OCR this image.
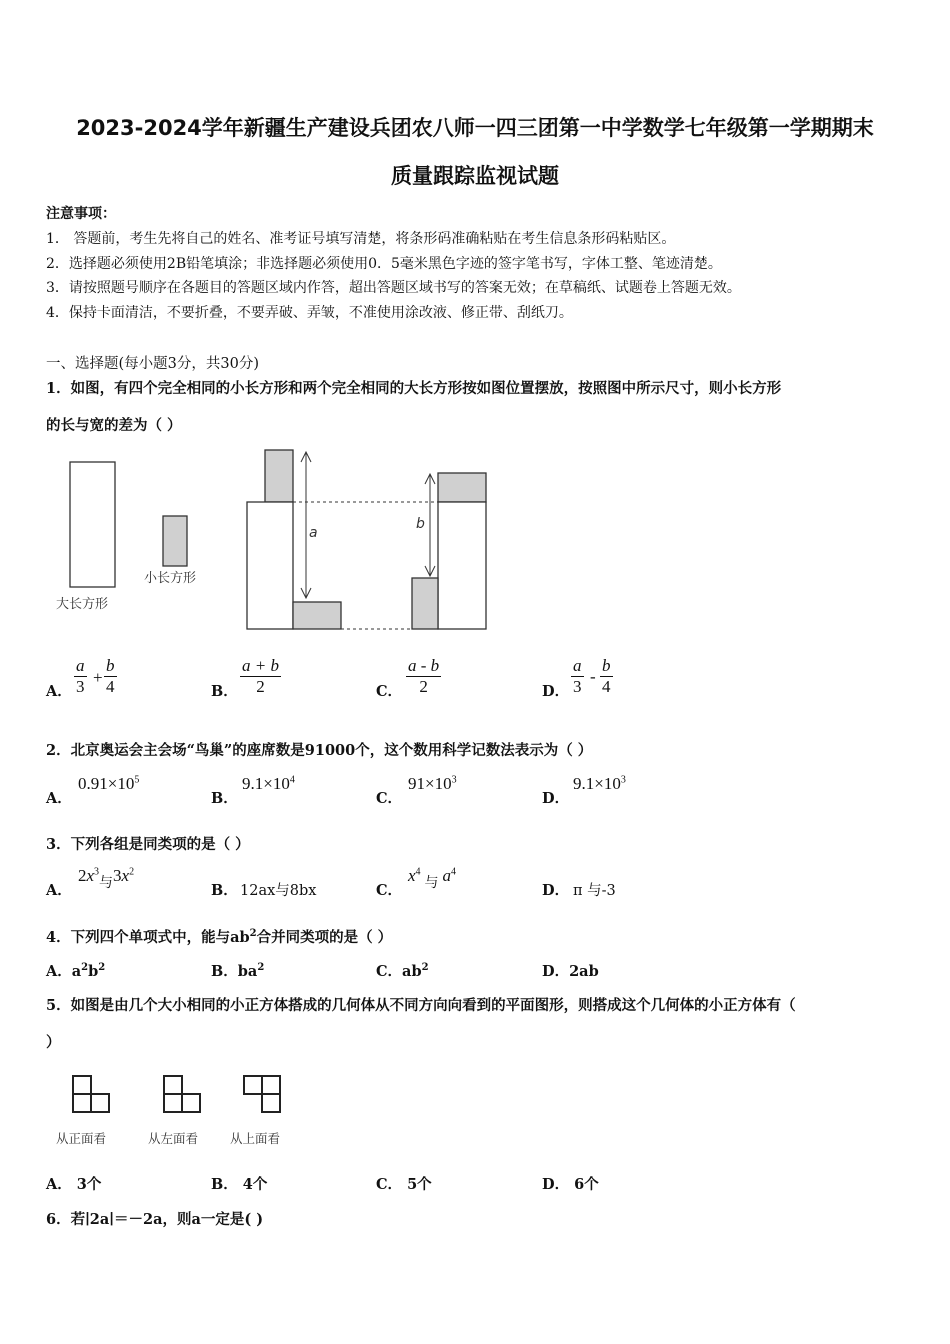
2023-2024学年新疆生产建设兵团农八师一四三团第一中学数学七年级第一学期期末
质量跟踪监视试题
注意事项：
1． 答题前，考生先将自己的姓名、准考证号填写清楚，将条形码准确粘贴在考生信息条形码粘贴区。
2．选择题必须使用2B铅笔填涂；非选择题必须使用0．5毫米黑色字迹的签字笔书写，字体工整、笔迹清楚。
3．请按照题号顺序在各题目的答题区域内作答，超出答题区域书写的答案无效；在草稿纸、试题卷上答题无效。
4．保持卡面清洁，不要折叠，不要弄破、弄皱，不准使用涂改液、修正带、刮纸刀。
一、选择题(每小题3分，共30分)
1．如图，有四个完全相同的小长方形和两个完全相同的大长方形按如图位置摆放，按照图中所示尺寸，则小长方形
的长与宽的差为（ ）
大长方形
小长方形
a
b
A． $\frac{a}{3} + \frac{b}{4}$	B． $\frac{a + b}{2}$	C． $\frac{a - b}{2}$	D． $\frac{a}{3} - \frac{b}{4}$
2．北京奥运会主会场“鸟巢”的座席数是91000个，这个数用科学记数法表示为（ ）
A．
$0.91\times 10^5$
B．
$9.1\times 10^4$
C．
$91\times 10^3$
D．
$9.1\times 10^3$
3．下列各组是同类项的是（ ）
A．
$2x^3_与3x^2$
B． 12ax与8bx	C．
$x^4_与$ $a^4$
D． π 与-3
4．下列四个单项式中，能与$ab^2$合并同类项的是（ ）
A．$a^2b^2$	B．$ba^2$	C．$ab^2$	D．2ab
5．如图是由几个大小相同的小正方体搭成的几何体从不同方向向看到的平面图形，则搭成这个几何体的小正方体有（
）
从正面看	从左面看	从上面看
A． 3个	B． 4个	C． 5个	D． 6个
6．若∣2a∣＝－2a，则a一定是( )
